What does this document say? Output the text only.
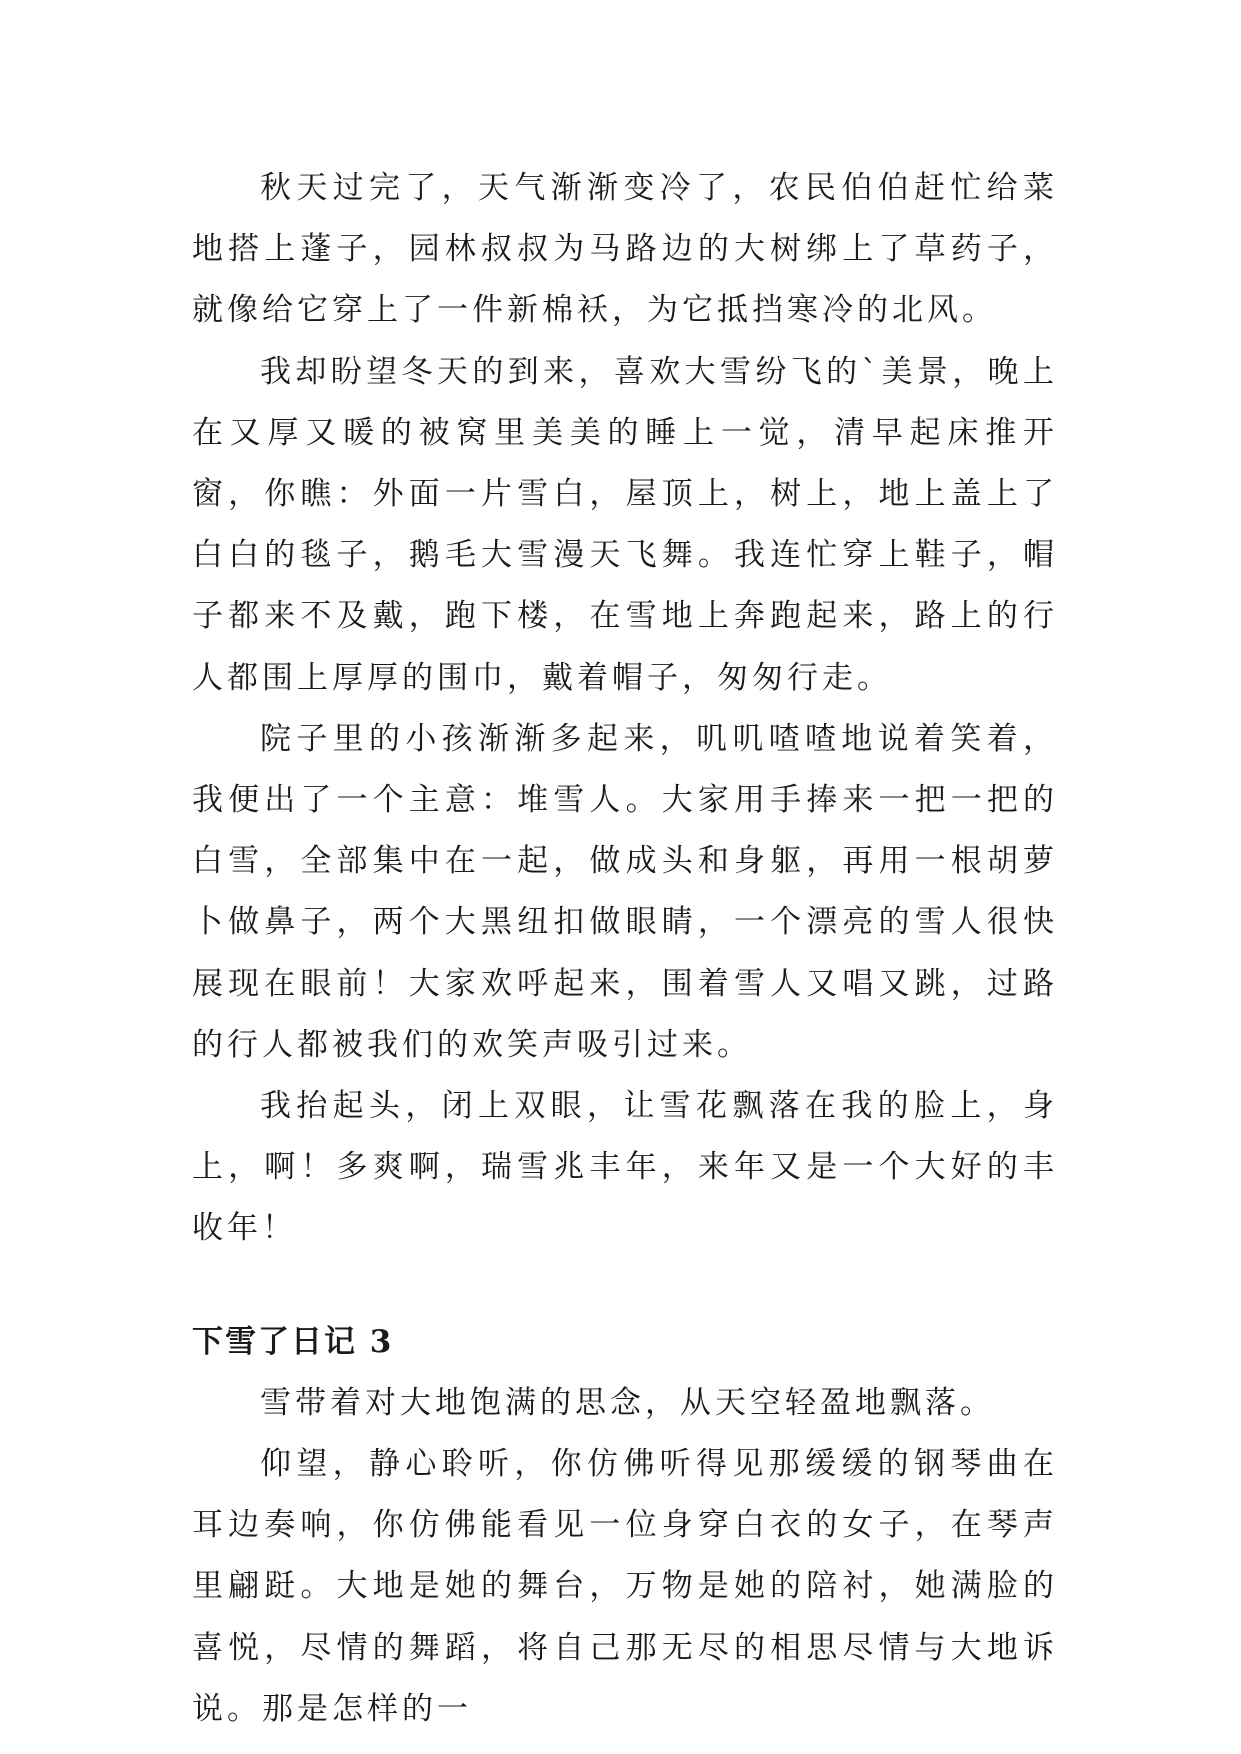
秋天过完了，天气渐渐变冷了，农民伯伯赶忙给菜地搭上蓬子，园林叔叔为马路边的大树绑上了草药子，就像给它穿上了一件新棉袄，为它抵挡寒冷的北风。

我却盼望冬天的到来，喜欢大雪纷飞的`美景，晚上在又厚又暖的被窝里美美的睡上一觉，清早起床推开窗，你瞧：外面一片雪白，屋顶上，树上，地上盖上了白白的毯子，鹅毛大雪漫天飞舞。我连忙穿上鞋子，帽子都来不及戴，跑下楼，在雪地上奔跑起来，路上的行人都围上厚厚的围巾，戴着帽子，匆匆行走。

院子里的小孩渐渐多起来，叽叽喳喳地说着笑着，我便出了一个主意：堆雪人。大家用手捧来一把一把的白雪，全部集中在一起，做成头和身躯，再用一根胡萝卜做鼻子，两个大黑纽扣做眼睛，一个漂亮的雪人很快展现在眼前！大家欢呼起来，围着雪人又唱又跳，过路的行人都被我们的欢笑声吸引过来。

我抬起头，闭上双眼，让雪花飘落在我的脸上，身上，啊！多爽啊，瑞雪兆丰年，来年又是一个大好的丰收年！

下雪了日记 3

雪带着对大地饱满的思念，从天空轻盈地飘落。

仰望，静心聆听，你仿佛听得见那缓缓的钢琴曲在耳边奏响，你仿佛能看见一位身穿白衣的女子，在琴声里翩跹。大地是她的舞台，万物是她的陪衬，她满脸的喜悦，尽情的舞蹈，将自己那无尽的相思尽情与大地诉说。那是怎样的一
